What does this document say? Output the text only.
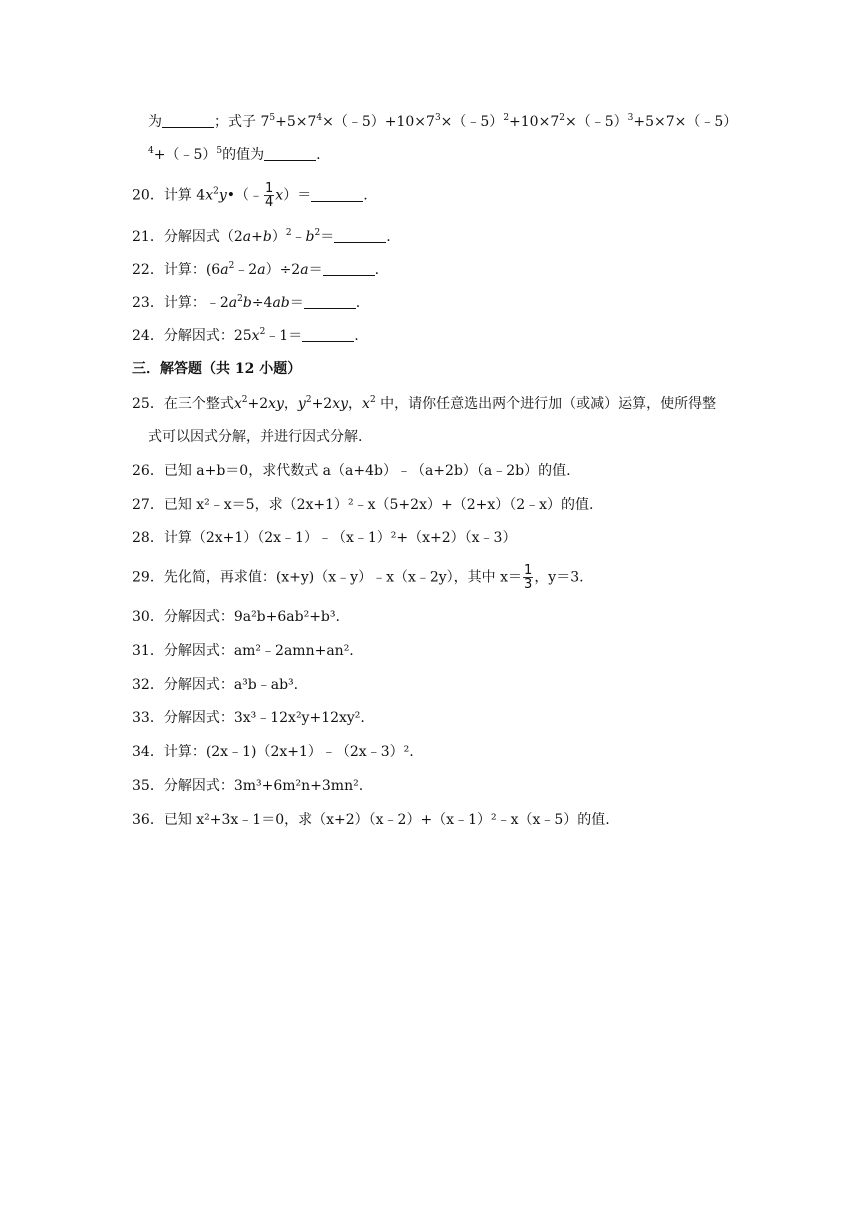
为	；式子 $7^5+5\times 7^4\times(﹣5)+10\times 7^3\times(﹣5)^2+10\times 7^2\times(﹣5)^3+5\times 7\times(﹣5)$
$^4$+（﹣5）$^5$的值为	.
20．计算 $4x^2y•(﹣ \frac{1}{4} x)=$	.
21．分解因式$(2a+b)^2﹣b^2=$	.
22．计算：$(6a^2﹣2a)\div 2a=$	.
23．计算：$﹣2a^2b\div 4ab=$	.
24．分解因式：$25x^2﹣1=$	.
三．解答题（共 12 小题）
25．在三个整式$x^2+2xy$，$y^2+2xy$，$x^2$ 中，请你任意选出两个进行加（或减）运算，使所得整
式可以因式分解，并进行因式分解.
26．已知 a+b＝0，求代数式 a（a+4b）﹣（a+2b）（a﹣2b）的值.
27．已知 x²﹣x＝5，求（2x+1）²﹣x（5+2x）+（2+x）（2﹣x）的值.
28．计算（2x+1）（2x﹣1）﹣（x﹣1）²+（x+2）（x﹣3）
29．先化简，再求值：(x+y)（x﹣y）﹣x（x﹣2y），其中 $x= \frac{1}{3}$ ，y＝3.
30．分解因式：9a²b+6ab²+b³.
31．分解因式：am²﹣2amn+an².
32．分解因式：a³b﹣ab³.
33．分解因式：3x³﹣12x²y+12xy².
34．计算：(2x﹣1)（2x+1）﹣（2x﹣3）².
35．分解因式：3m³+6m²n+3mn².
36．已知 x²+3x﹣1＝0，求（x+2）（x﹣2）+（x﹣1）²﹣x（x﹣5）的值.
